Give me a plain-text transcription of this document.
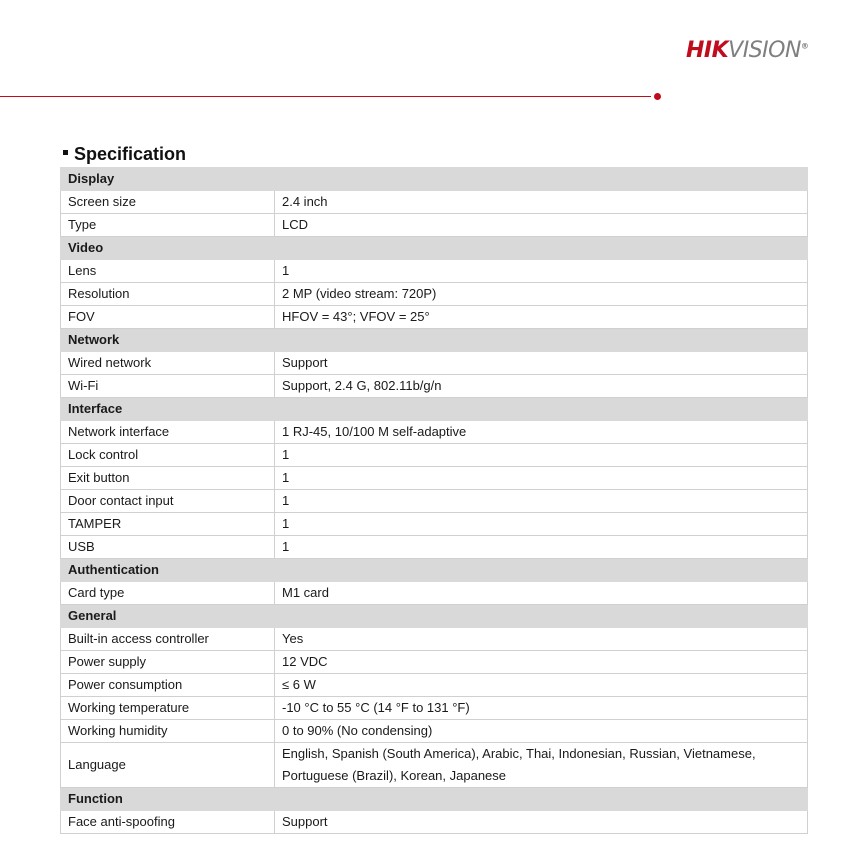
HIKVISION®
Specification
Display	
Screen size	2.4 inch
Type	LCD
Video	
Lens	1
Resolution	2 MP (video stream: 720P)
FOV	HFOV = 43°; VFOV = 25°
Network	
Wired network	Support
Wi-Fi	Support, 2.4 G, 802.11b/g/n
Interface	
Network interface	1 RJ-45, 10/100 M self-adaptive
Lock control	1
Exit button	1
Door contact input	1
TAMPER	1
USB	1
Authentication	
Card type	M1 card
General	
Built-in access controller	Yes
Power supply	12 VDC
Power consumption	≤ 6 W
Working temperature	-10 °C to 55 °C (14 °F to 131 °F)
Working humidity	0 to 90% (No condensing)
Language	English, Spanish (South America), Arabic, Thai, Indonesian, Russian, Vietnamese, Portuguese (Brazil), Korean, Japanese
Function	
Face anti-spoofing	Support
